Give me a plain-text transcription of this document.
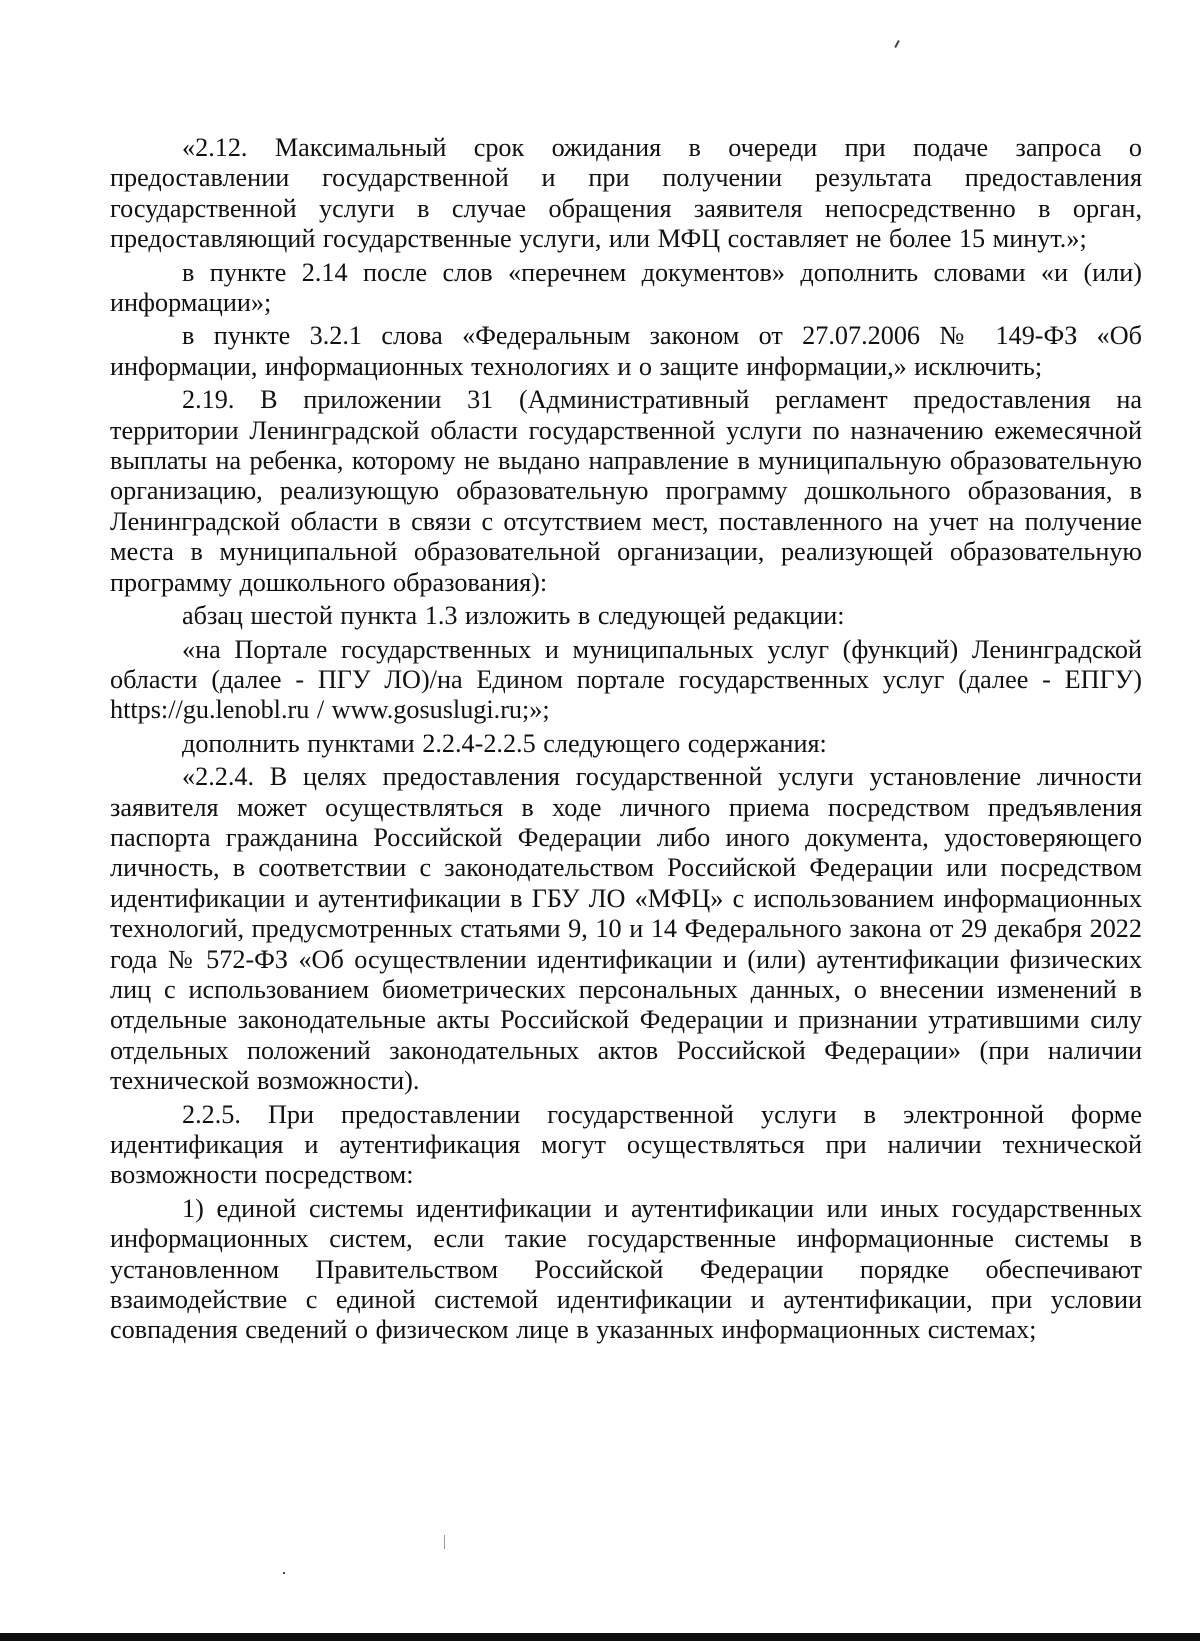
«2.12. Максимальный срок ожидания в очереди при подаче запроса о предоставлении государственной и при получении результата предоставления государственной услуги в случае обращения заявителя непосредственно в орган, предоставляющий государственные услуги, или МФЦ составляет не более 15 минут.»;

в пункте 2.14 после слов «перечнем документов» дополнить словами «и (или) информации»;

в пункте 3.2.1 слова «Федеральным законом от 27.07.2006 № 149-ФЗ «Об информации, информационных технологиях и о защите информации,» исключить;

2.19. В приложении 31 (Административный регламент предоставления на территории Ленинградской области государственной услуги по назначению ежемесячной выплаты на ребенка, которому не выдано направление в муниципальную образовательную организацию, реализующую образовательную программу дошкольного образования, в Ленинградской области в связи с отсутствием мест, поставленного на учет на получение места в муниципальной образовательной организации, реализующей образовательную программу дошкольного образования):

абзац шестой пункта 1.3 изложить в следующей редакции:

«на Портале государственных и муниципальных услуг (функций) Ленинградской области (далее - ПГУ ЛО)/на Едином портале государственных услуг (далее - ЕПГУ) https://gu.lenobl.ru / www.gosuslugi.ru;»;

дополнить пунктами 2.2.4-2.2.5 следующего содержания:

«2.2.4. В целях предоставления государственной услуги установление личности заявителя может осуществляться в ходе личного приема посредством предъявления паспорта гражданина Российской Федерации либо иного документа, удостоверяющего личность, в соответствии с законодательством Российской Федерации или посредством идентификации и аутентификации в ГБУ ЛО «МФЦ» с использованием информационных технологий, предусмотренных статьями 9, 10 и 14 Федерального закона от 29 декабря 2022 года № 572-ФЗ «Об осуществлении идентификации и (или) аутентификации физических лиц с использованием биометрических персональных данных, о внесении изменений в отдельные законодательные акты Российской Федерации и признании утратившими силу отдельных положений законодательных актов Российской Федерации» (при наличии технической возможности).

2.2.5. При предоставлении государственной услуги в электронной форме идентификация и аутентификация могут осуществляться при наличии технической возможности посредством:

1) единой системы идентификации и аутентификации или иных государственных информационных систем, если такие государственные информационные системы в установленном Правительством Российской Федерации порядке обеспечивают взаимодействие с единой системой идентификации и аутентификации, при условии совпадения сведений о физическом лице в указанных информационных системах;
